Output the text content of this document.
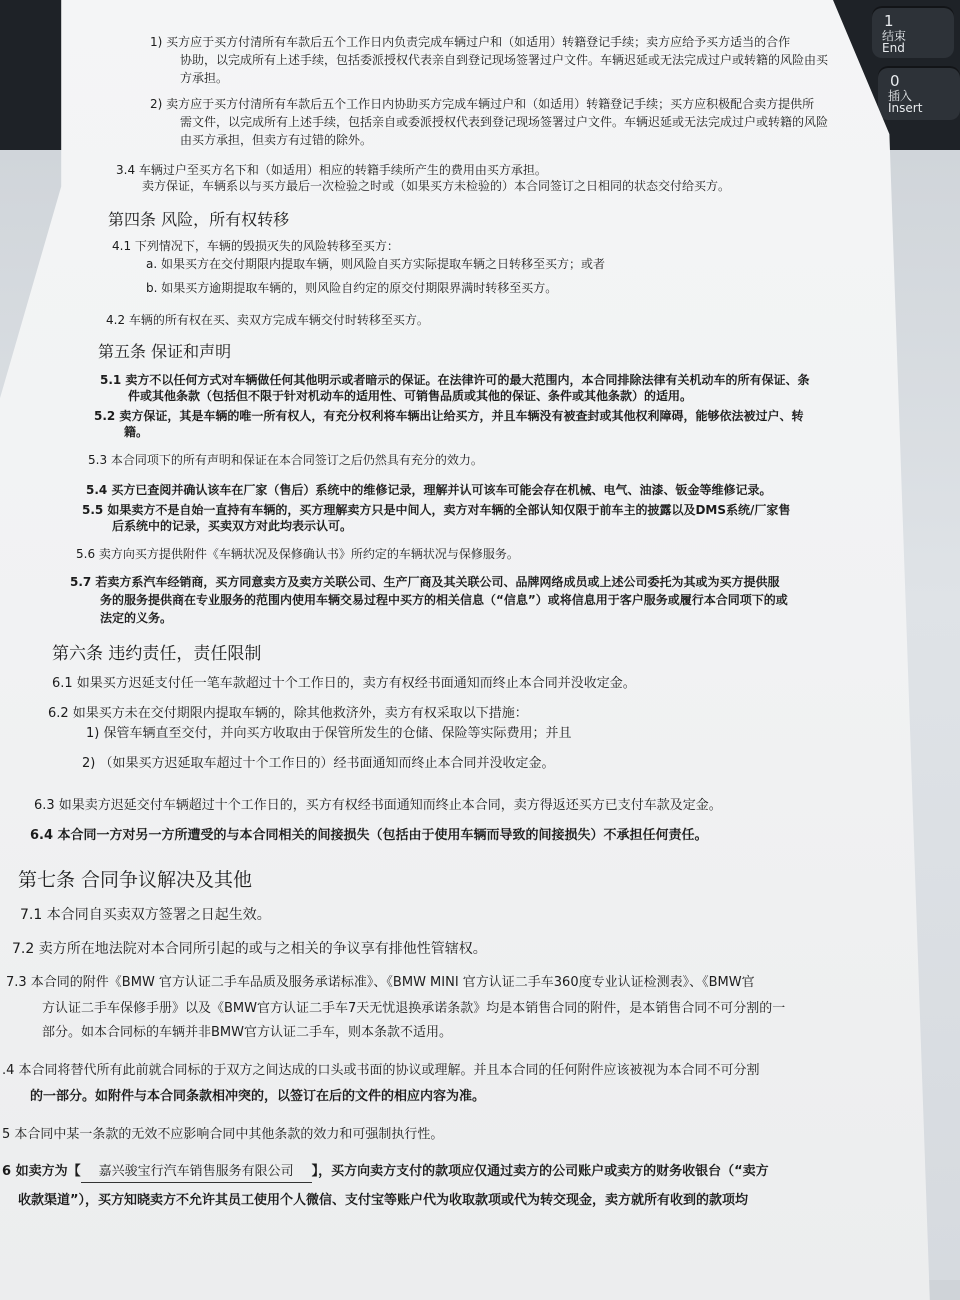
1
结束
End
0
插入
Insert
1) 买方应于买方付清所有车款后五个工作日内负责完成车辆过户和（如适用）转籍登记手续；卖方应给予买方适当的合作
协助，以完成所有上述手续，包括委派授权代表亲自到登记现场签署过户文件。车辆迟延或无法完成过户或转籍的风险由买
方承担。
2) 卖方应于买方付清所有车款后五个工作日内协助买方完成车辆过户和（如适用）转籍登记手续；买方应积极配合卖方提供所
需文件，以完成所有上述手续，包括亲自或委派授权代表到登记现场签署过户文件。车辆迟延或无法完成过户或转籍的风险
由买方承担，但卖方有过错的除外。
3.4 车辆过户至买方名下和（如适用）相应的转籍手续所产生的费用由买方承担。
卖方保证，车辆系以与买方最后一次检验之时或（如果买方未检验的）本合同签订之日相同的状态交付给买方。
第四条 风险，所有权转移
4.1 下列情况下，车辆的毁损灭失的风险转移至买方：
a. 如果买方在交付期限内提取车辆，则风险自买方实际提取车辆之日转移至买方；或者
b. 如果买方逾期提取车辆的，则风险自约定的原交付期限界满时转移至买方。
4.2 车辆的所有权在买、卖双方完成车辆交付时转移至买方。
第五条 保证和声明
5.1 卖方不以任何方式对车辆做任何其他明示或者暗示的保证。在法律许可的最大范围内，本合同排除法律有关机动车的所有保证、条
件或其他条款（包括但不限于针对机动车的适用性、可销售品质或其他的保证、条件或其他条款）的适用。
5.2 卖方保证，其是车辆的唯一所有权人，有充分权利将车辆出让给买方，并且车辆没有被查封或其他权利障碍，能够依法被过户、转
籍。
5.3 本合同项下的所有声明和保证在本合同签订之后仍然具有充分的效力。
5.4 买方已查阅并确认该车在厂家（售后）系统中的维修记录，理解并认可该车可能会存在机械、电气、油漆、钣金等维修记录。
5.5 如果卖方不是自始一直持有车辆的，买方理解卖方只是中间人，卖方对车辆的全部认知仅限于前车主的披露以及DMS系统/厂家售
后系统中的记录，买卖双方对此均表示认可。
5.6 卖方向买方提供附件《车辆状况及保修确认书》所约定的车辆状况与保修服务。
5.7 若卖方系汽车经销商，买方同意卖方及卖方关联公司、生产厂商及其关联公司、品牌网络成员或上述公司委托为其或为买方提供服
务的服务提供商在专业服务的范围内使用车辆交易过程中买方的相关信息（“信息”）或将信息用于客户服务或履行本合同项下的或
法定的义务。
第六条 违约责任，责任限制
6.1 如果买方迟延支付任一笔车款超过十个工作日的，卖方有权经书面通知而终止本合同并没收定金。
6.2 如果买方未在交付期限内提取车辆的，除其他救济外，卖方有权采取以下措施：
1) 保管车辆直至交付，并向买方收取由于保管所发生的仓储、保险等实际费用；并且
2) （如果买方迟延取车超过十个工作日的）经书面通知而终止本合同并没收定金。
6.3 如果卖方迟延交付车辆超过十个工作日的，买方有权经书面通知而终止本合同，卖方得返还买方已支付车款及定金。
6.4 本合同一方对另一方所遭受的与本合同相关的间接损失（包括由于使用车辆而导致的间接损失）不承担任何责任。
第七条 合同争议解决及其他
7.1 本合同自买卖双方签署之日起生效。
7.2 卖方所在地法院对本合同所引起的或与之相关的争议享有排他性管辖权。
7.3 本合同的附件《BMW 官方认证二手车品质及服务承诺标准》、《BMW MINI 官方认证二手车360度专业认证检测表》、《BMW官
方认证二手车保修手册》以及《BMW官方认证二手车7天无忧退换承诺条款》均是本销售合同的附件，是本销售合同不可分割的一
部分。如本合同标的车辆并非BMW官方认证二手车，则本条款不适用。
.4 本合同将替代所有此前就合同标的于双方之间达成的口头或书面的协议或理解。并且本合同的任何附件应该被视为本合同不可分割
的一部分。如附件与本合同条款相冲突的，以签订在后的文件的相应内容为准。
5 本合同中某一条款的无效不应影响合同中其他条款的效力和可强制执行性。
6 如卖方为【 嘉兴骏宝行汽车销售服务有限公司 】，买方向卖方支付的款项应仅通过卖方的公司账户或卖方的财务收银台（“卖方
收款渠道”），买方知晓卖方不允许其员工使用个人微信、支付宝等账户代为收取款项或代为转交现金，卖方就所有收到的款项均
